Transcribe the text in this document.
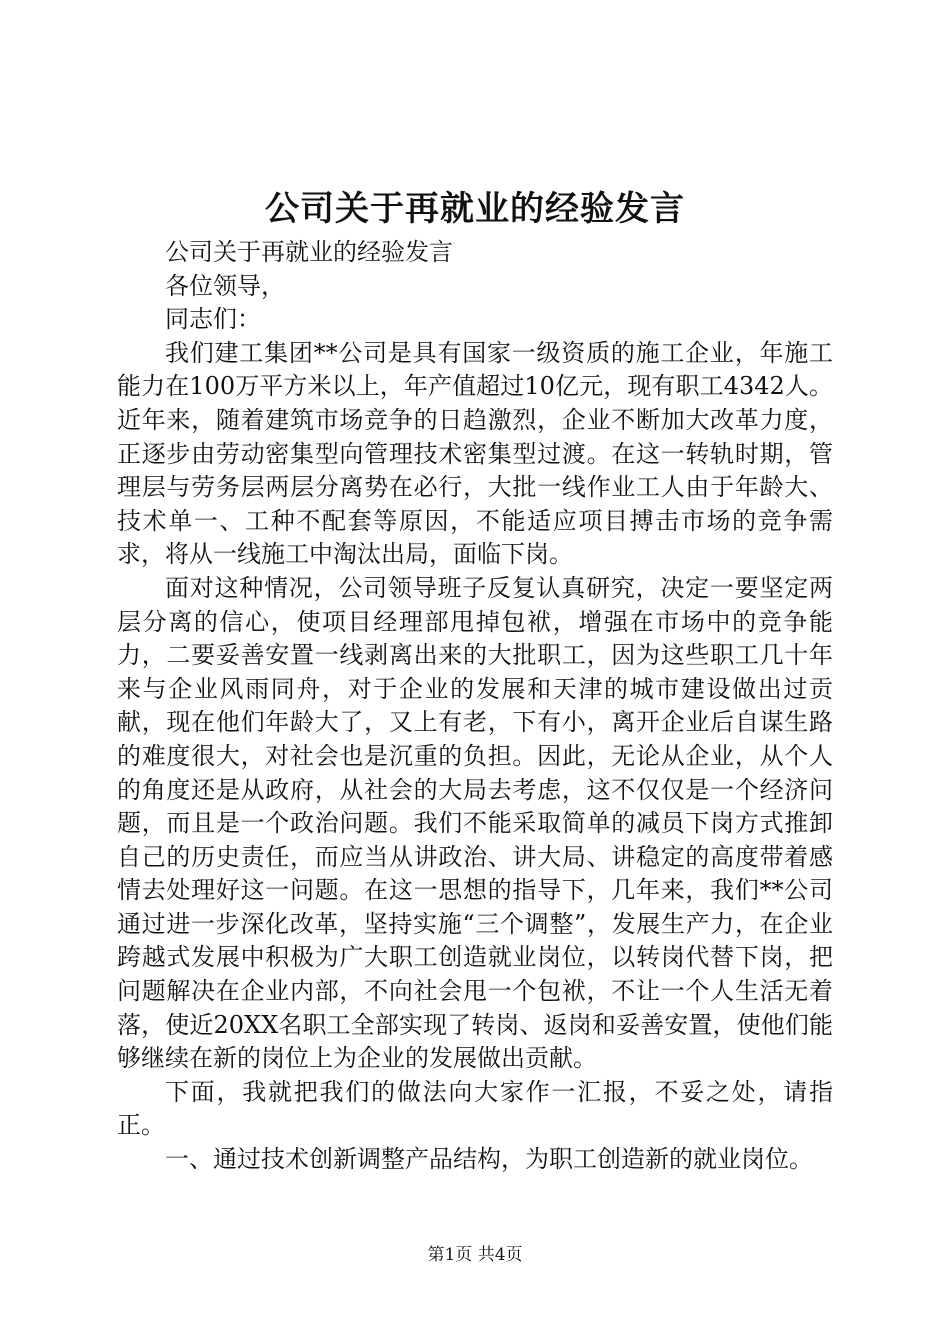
公司关于再就业的经验发言

公司关于再就业的经验发言

各位领导，

同志们：

我们建工集团**公司是具有国家一级资质的施工企业，年施工能力在100万平方米以上，年产值超过10亿元，现有职工4342人。近年来，随着建筑市场竞争的日趋激烈，企业不断加大改革力度，正逐步由劳动密集型向管理技术密集型过渡。在这一转轨时期，管理层与劳务层两层分离势在必行，大批一线作业工人由于年龄大、技术单一、工种不配套等原因，不能适应项目搏击市场的竞争需求，将从一线施工中淘汰出局，面临下岗。

面对这种情况，公司领导班子反复认真研究，决定一要坚定两层分离的信心，使项目经理部甩掉包袱，增强在市场中的竞争能力，二要妥善安置一线剥离出来的大批职工，因为这些职工几十年来与企业风雨同舟，对于企业的发展和天津的城市建设做出过贡献，现在他们年龄大了，又上有老，下有小，离开企业后自谋生路的难度很大，对社会也是沉重的负担。因此，无论从企业，从个人的角度还是从政府，从社会的大局去考虑，这不仅仅是一个经济问题，而且是一个政治问题。我们不能采取简单的减员下岗方式推卸自己的历史责任，而应当从讲政治、讲大局、讲稳定的高度带着感情去处理好这一问题。在这一思想的指导下，几年来，我们**公司通过进一步深化改革，坚持实施“三个调整”，发展生产力，在企业跨越式发展中积极为广大职工创造就业岗位，以转岗代替下岗，把问题解决在企业内部，不向社会甩一个包袱，不让一个人生活无着落，使近20XX名职工全部实现了转岗、返岗和妥善安置，使他们能够继续在新的岗位上为企业的发展做出贡献。

下面，我就把我们的做法向大家作一汇报，不妥之处，请指正。

一、通过技术创新调整产品结构，为职工创造新的就业岗位。

第1页 共4页
